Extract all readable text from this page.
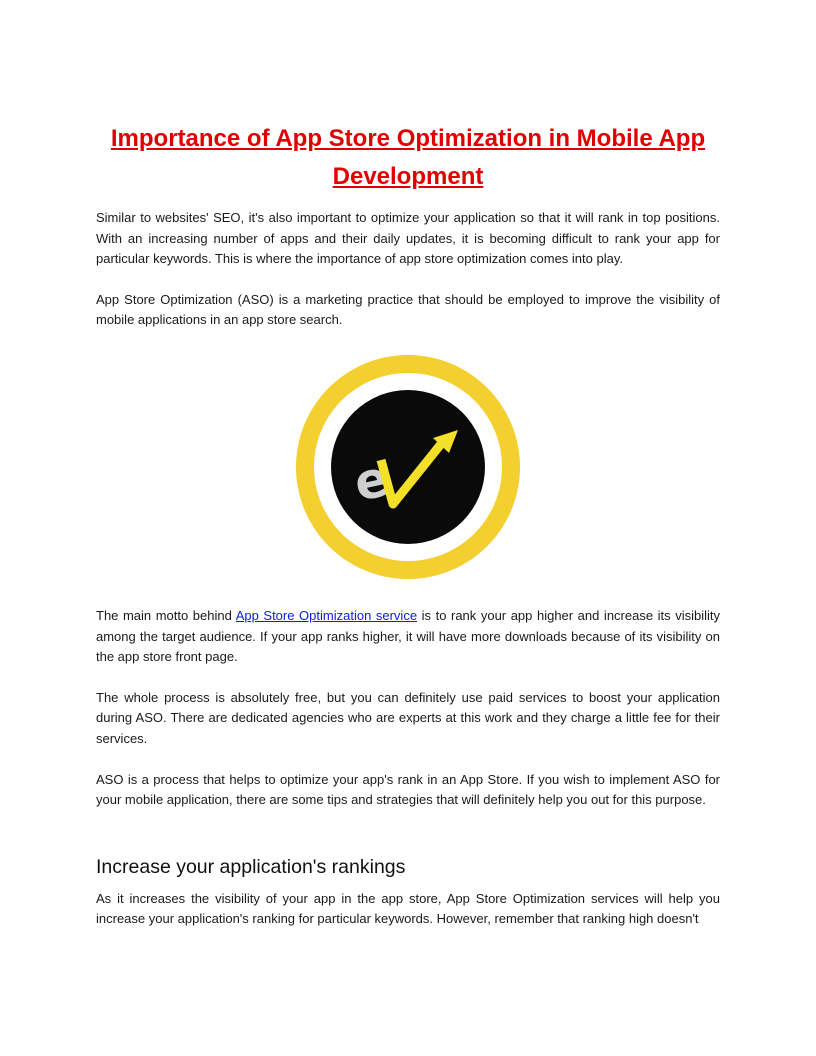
Importance of App Store Optimization in Mobile App Development

Similar to websites' SEO, it's also important to optimize your application so that it will rank in top positions. With an increasing number of apps and their daily updates, it is becoming difficult to rank your app for particular keywords. This is where the importance of app store optimization comes into play.

App Store Optimization (ASO) is a marketing practice that should be employed to improve the visibility of mobile applications in an app store search.

e

The main motto behind App Store Optimization service is to rank your app higher and increase its visibility among the target audience. If your app ranks higher, it will have more downloads because of its visibility on the app store front page.

The whole process is absolutely free, but you can definitely use paid services to boost your application during ASO. There are dedicated agencies who are experts at this work and they charge a little fee for their services.

ASO is a process that helps to optimize your app's rank in an App Store. If you wish to implement ASO for your mobile application, there are some tips and strategies that will definitely help you out for this purpose.

Increase your application's rankings

As it increases the visibility of your app in the app store, App Store Optimization services will help you increase your application's ranking for particular keywords. However, remember that ranking high doesn't
